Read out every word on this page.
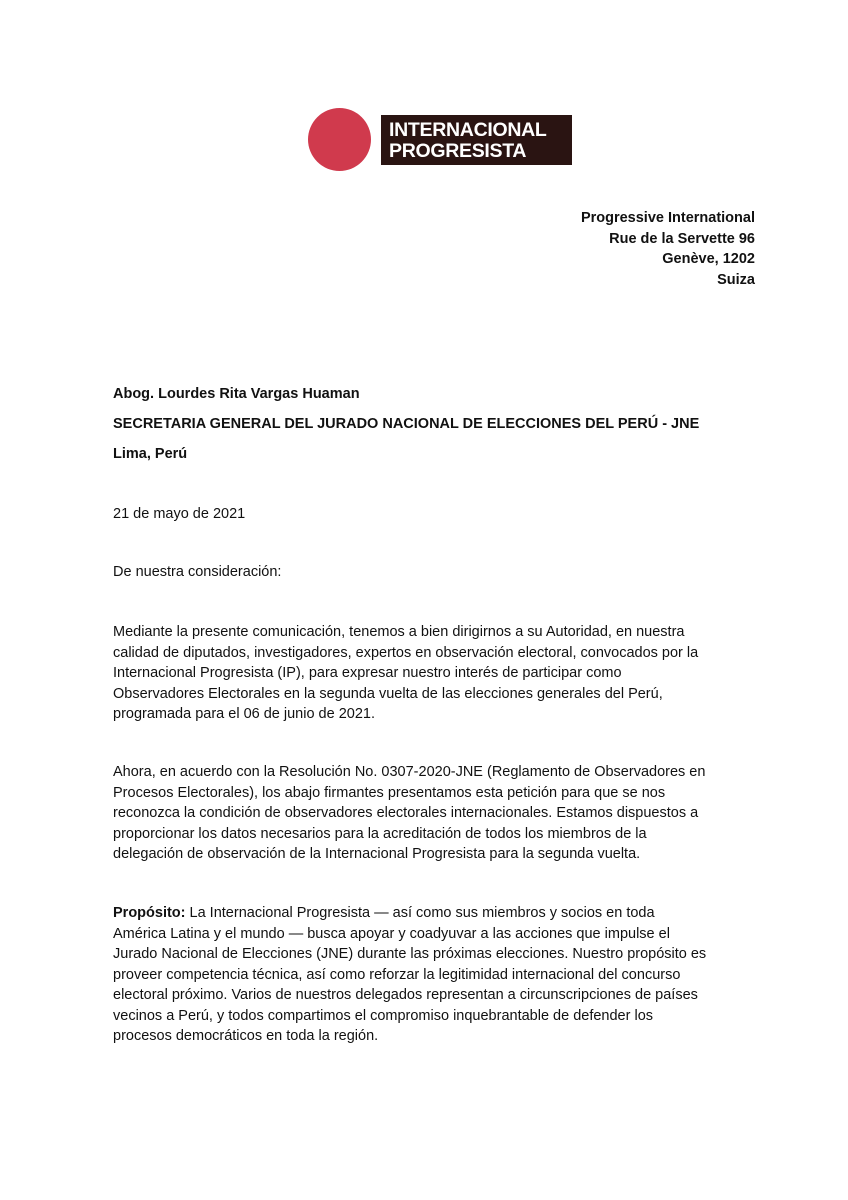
INTERNACIONAL
PROGRESISTA
Progressive International
Rue de la Servette 96
Genève, 1202
Suiza
Abog. Lourdes Rita Vargas Huaman
SECRETARIA GENERAL DEL JURADO NACIONAL DE ELECCIONES DEL PERÚ - JNE
Lima, Perú
21 de mayo de 2021
De nuestra consideración:

Mediante la presente comunicación, tenemos a bien dirigirnos a su Autoridad, en nuestra
calidad de diputados, investigadores, expertos en observación electoral, convocados por la
Internacional Progresista (IP), para expresar nuestro interés de participar como
Observadores Electorales en la segunda vuelta de las elecciones generales del Perú,
programada para el 06 de junio de 2021.

Ahora, en acuerdo con la Resolución No. 0307-2020-JNE (Reglamento de Observadores en
Procesos Electorales), los abajo firmantes presentamos esta petición para que se nos
reconozca la condición de observadores electorales internacionales. Estamos dispuestos a
proporcionar los datos necesarios para la acreditación de todos los miembros de la
delegación de observación de la Internacional Progresista para la segunda vuelta.

Propósito: La Internacional Progresista — así como sus miembros y socios en toda
América Latina y el mundo — busca apoyar y coadyuvar a las acciones que impulse el
Jurado Nacional de Elecciones (JNE) durante las próximas elecciones. Nuestro propósito es
proveer competencia técnica, así como reforzar la legitimidad internacional del concurso
electoral próximo. Varios de nuestros delegados representan a circunscripciones de países
vecinos a Perú, y todos compartimos el compromiso inquebrantable de defender los
procesos democráticos en toda la región.
